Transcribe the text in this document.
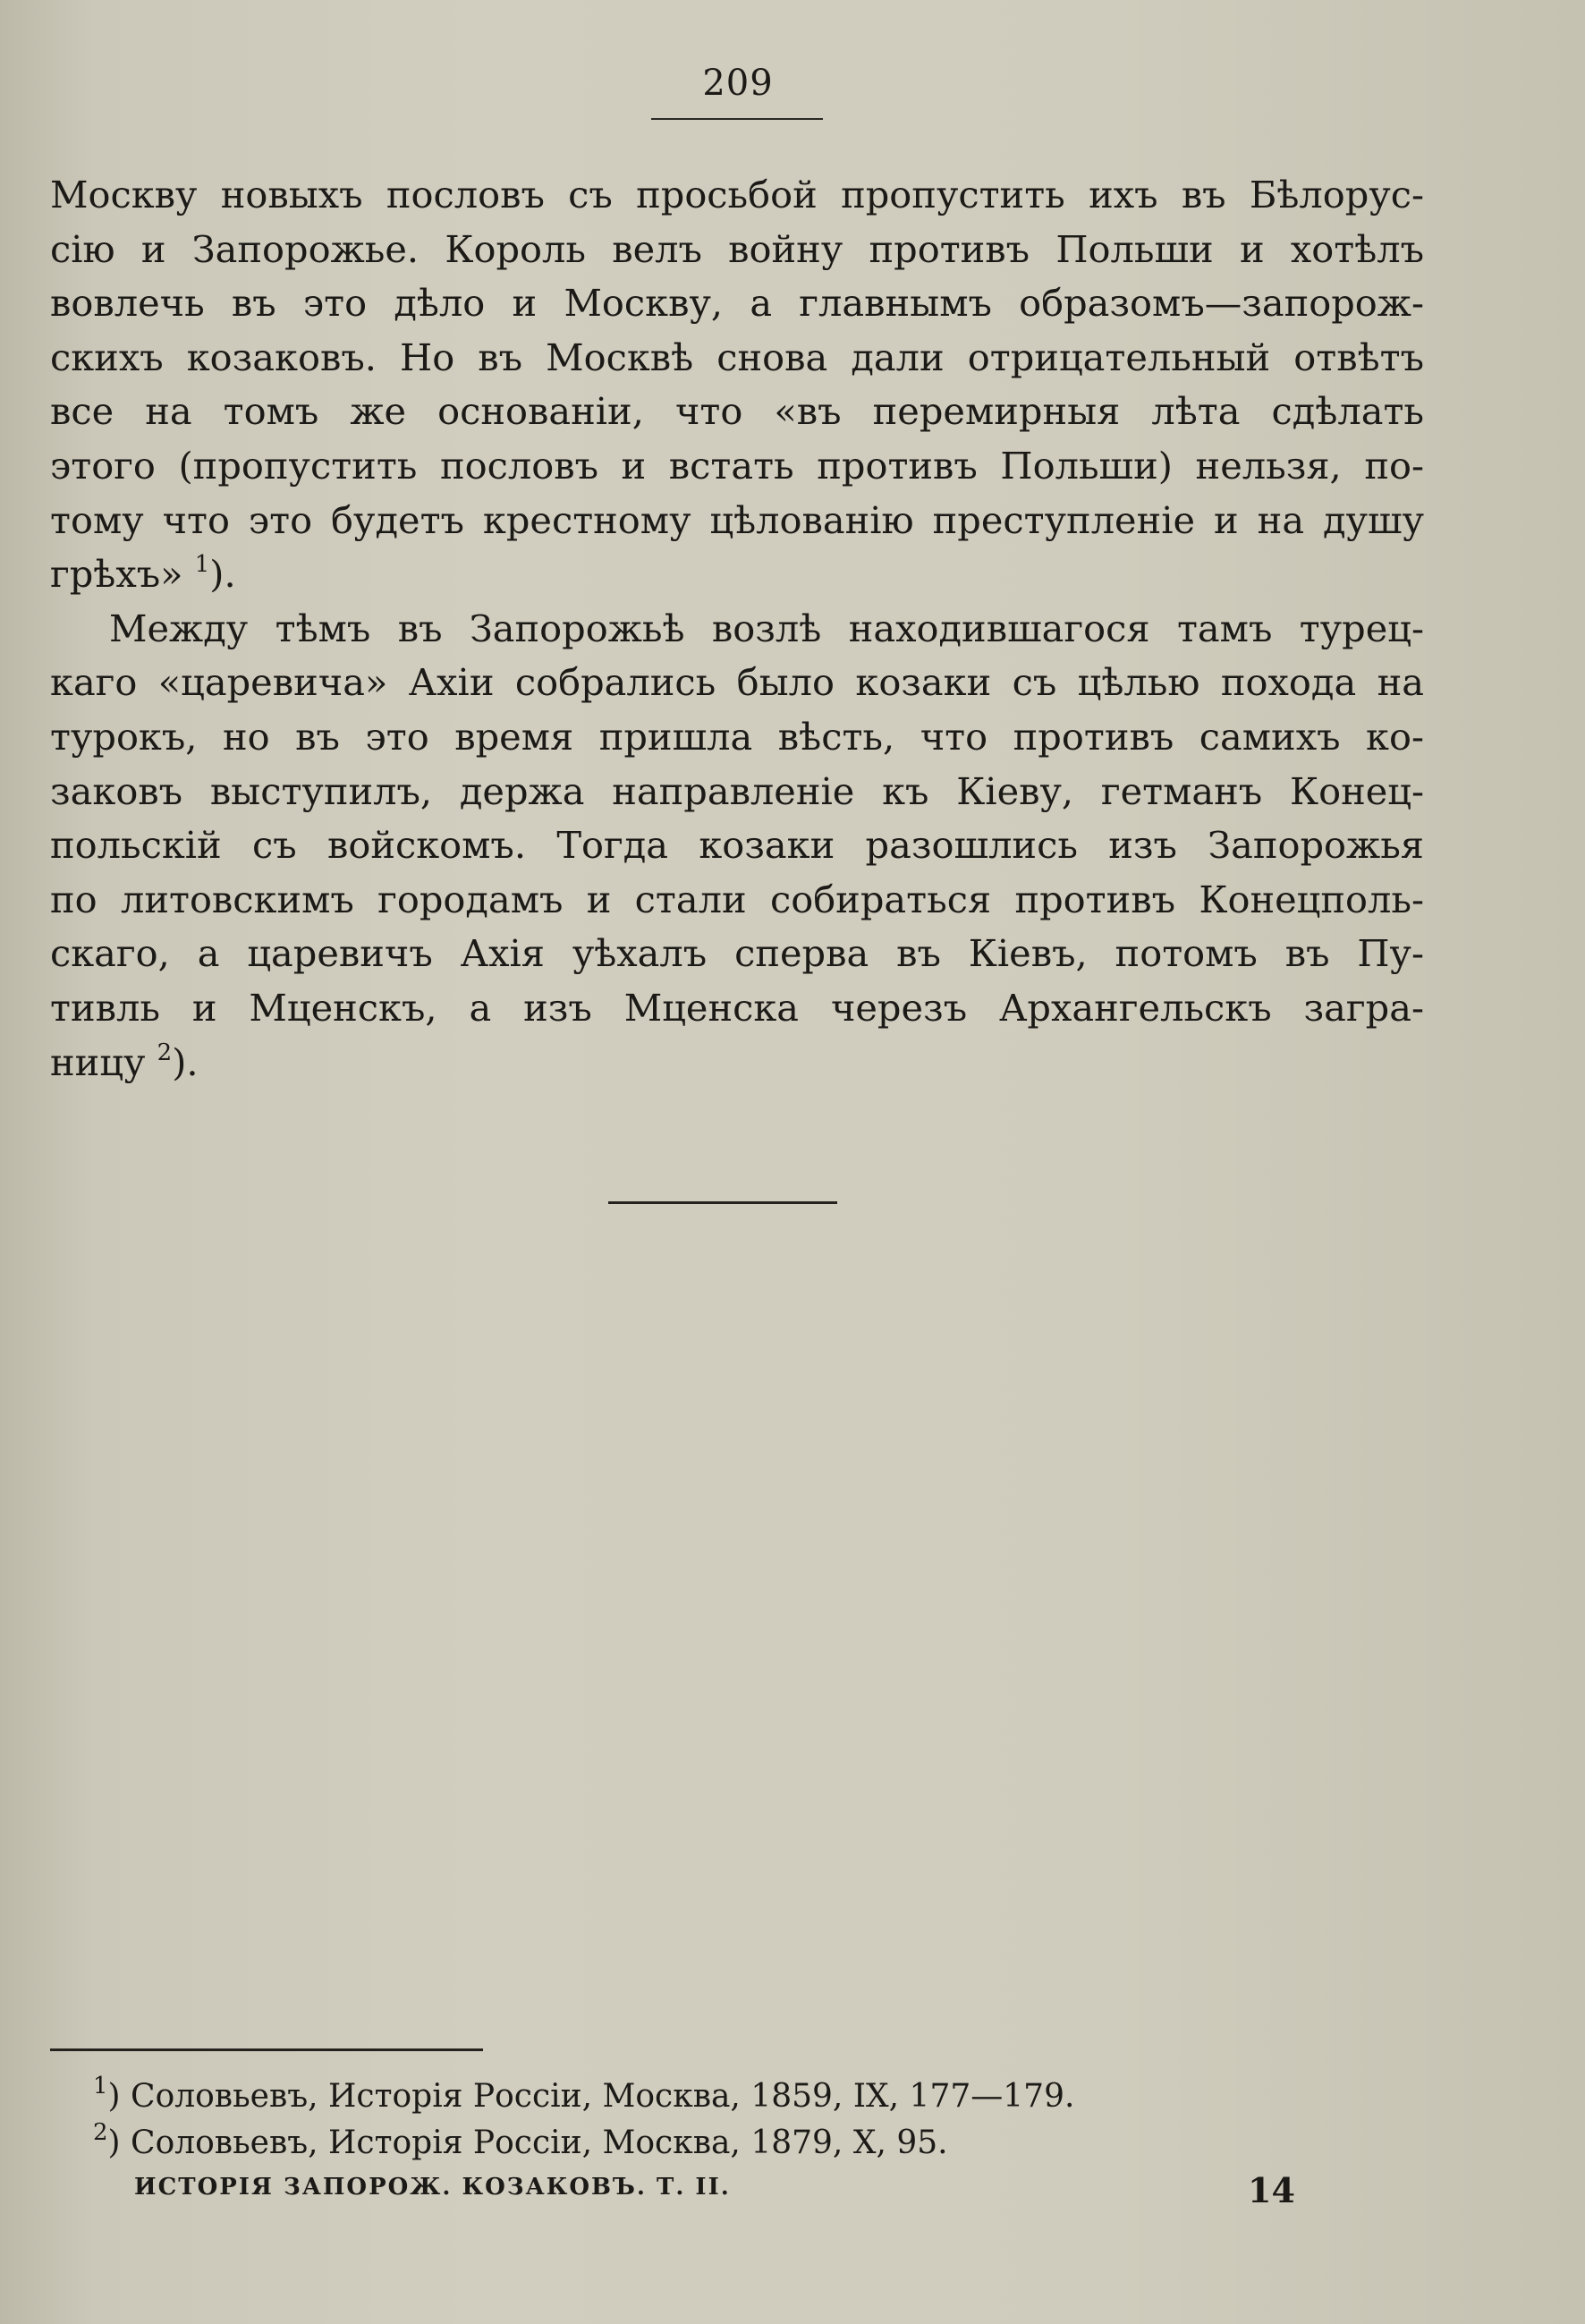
209
Москву новыхъ пословъ съ просьбой пропустить ихъ въ Бѣлорус-
сію и Запорожье. Король велъ войну противъ Польши и хотѣлъ
вовлечь въ это дѣло и Москву, а главнымъ образомъ—запорож-
скихъ козаковъ. Но въ Москвѣ снова дали отрицательный отвѣтъ
все на томъ же основаніи, что «въ перемирныя лѣта сдѣлать
этого (пропустить пословъ и встать противъ Польши) нельзя, по-
тому что это будетъ крестному цѣлованію преступленіе и на душу
грѣхъ» $^1$).
Между тѣмъ въ Запорожьѣ возлѣ находившагося тамъ турец-
каго «царевича» Ахіи собрались было козаки съ цѣлью похода на
турокъ, но въ это время пришла вѣсть, что противъ самихъ ко-
заковъ выступилъ, держа направленіе къ Кіеву, гетманъ Конец-
польскій съ войскомъ. Тогда козаки разошлись изъ Запорожья
по литовскимъ городамъ и стали собираться противъ Конецполь-
скаго, а царевичъ Ахія уѣхалъ сперва въ Кіевъ, потомъ въ Пу-
тивль и Мценскъ, а изъ Мценска черезъ Архангельскъ загра-
ницу $^2$).
$^1$) Соловьевъ, Исторія Россіи, Москва, 1859, IX, 177—179.
$^2$) Соловьевъ, Исторія Россіи, Москва, 1879, X, 95.
ИСТОРІЯ ЗАПОРОЖ. КОЗАКОВЪ. Т. II.	14
